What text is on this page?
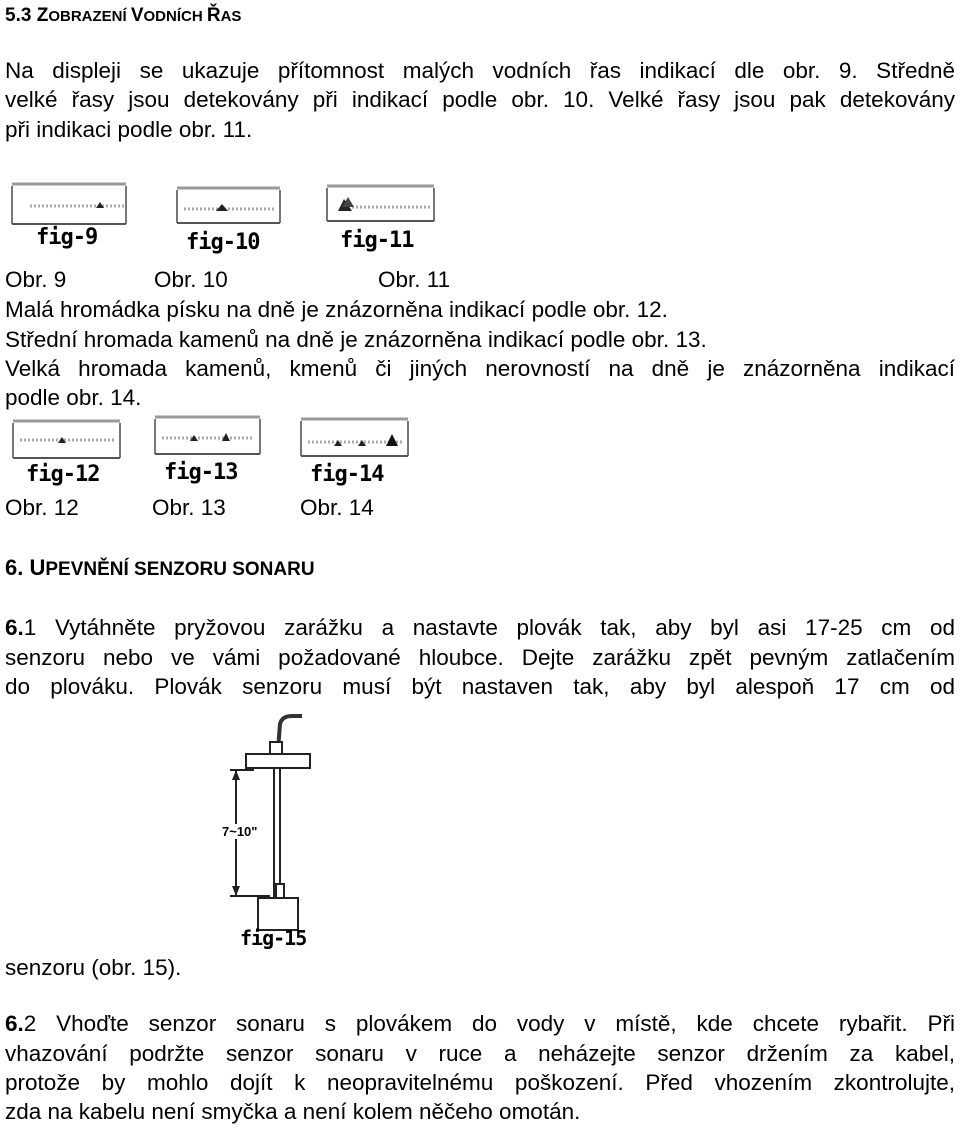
5.3 ZOBRAZENÍ VODNÍCH ŘAS
Na displeji se ukazuje přítomnost malých vodních řas indikací dle obr. 9. Středně
velké řasy jsou detekovány při indikací podle obr. 10. Velké řasy jsou pak detekovány
při indikaci podle obr. 11.
fig-9	fig-10	fig-11
Obr. 9	Obr. 10	Obr. 11
Malá hromádka písku na dně je znázorněna indikací podle obr. 12.
Střední hromada kamenů na dně je znázorněna indikací podle obr. 13.
Velká hromada kamenů, kmenů či jiných nerovností na dně je znázorněna indikací
podle obr. 14.
fig-12	fig-13	fig-14
Obr. 12	Obr. 13	Obr. 14
6. UPEVNĚNÍ SENZORU SONARU
6.1 Vytáhněte pryžovou zarážku a nastavte plovák tak, aby byl asi 17-25 cm od
senzoru nebo ve vámi požadované hloubce. Dejte zarážku zpět pevným zatlačením
do plováku. Plovák senzoru musí být nastaven tak, aby byl alespoň 17 cm od
senzoru (obr. 15).
7~10"
fig-15
6.2 Vhoďte senzor sonaru s plovákem do vody v místě, kde chcete rybařit. Při
vhazování podržte senzor sonaru v ruce a neházejte senzor držením za kabel,
protože by mohlo dojít k neopravitelnému poškození. Před vhozením zkontrolujte,
zda na kabelu není smyčka a není kolem něčeho omotán.
